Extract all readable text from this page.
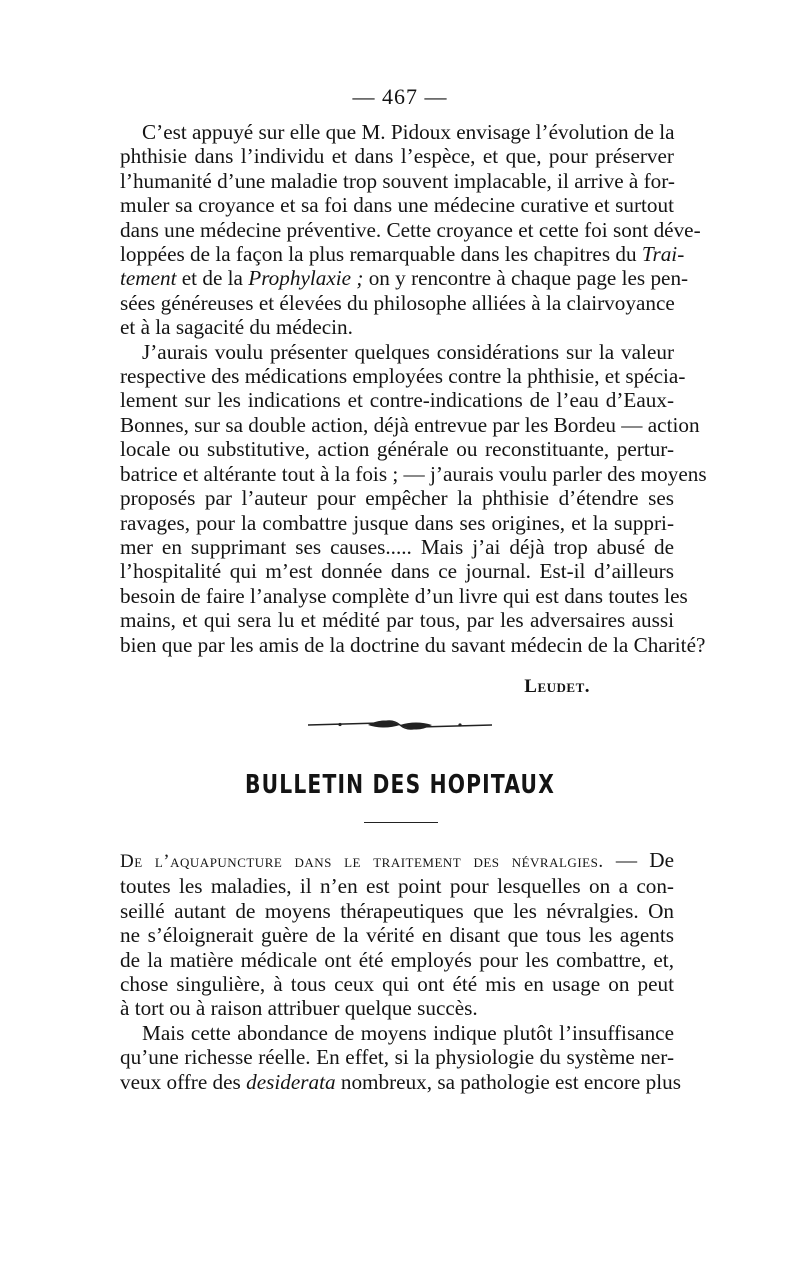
— 467 —

C’est appuyé sur elle que M. Pidoux envisage l’évolution de la
phthisie dans l’individu et dans l’espèce, et que, pour préserver
l’humanité d’une maladie trop souvent implacable, il arrive à for-
muler sa croyance et sa foi dans une médecine curative et surtout
dans une médecine préventive. Cette croyance et cette foi sont déve-
loppées de la façon la plus remarquable dans les chapitres du Trai-
tement et de la Prophylaxie ; on y rencontre à chaque page les pen-
sées généreuses et élevées du philosophe alliées à la clairvoyance
et à la sagacité du médecin.

J’aurais voulu présenter quelques considérations sur la valeur
respective des médications employées contre la phthisie, et spécia-
lement sur les indications et contre-indications de l’eau d’Eaux-
Bonnes, sur sa double action, déjà entrevue par les Bordeu — action
locale ou substitutive, action générale ou reconstituante, pertur-
batrice et altérante tout à la fois ; — j’aurais voulu parler des moyens
proposés par l’auteur pour empêcher la phthisie d’étendre ses
ravages, pour la combattre jusque dans ses origines, et la suppri-
mer en supprimant ses causes..... Mais j’ai déjà trop abusé de
l’hospitalité qui m’est donnée dans ce journal. Est-il d’ailleurs
besoin de faire l’analyse complète d’un livre qui est dans toutes les
mains, et qui sera lu et médité par tous, par les adversaires aussi
bien que par les amis de la doctrine du savant médecin de la Charité?

Leudet.
BULLETIN DES HOPITAUX

De l’aquapuncture dans le traitement des névralgies. — De
toutes les maladies, il n’en est point pour lesquelles on a con-
seillé autant de moyens thérapeutiques que les névralgies. On
ne s’éloignerait guère de la vérité en disant que tous les agents
de la matière médicale ont été employés pour les combattre, et,
chose singulière, à tous ceux qui ont été mis en usage on peut
à tort ou à raison attribuer quelque succès.

Mais cette abondance de moyens indique plutôt l’insuffisance
qu’une richesse réelle. En effet, si la physiologie du système ner-
veux offre des desiderata nombreux, sa pathologie est encore plus
